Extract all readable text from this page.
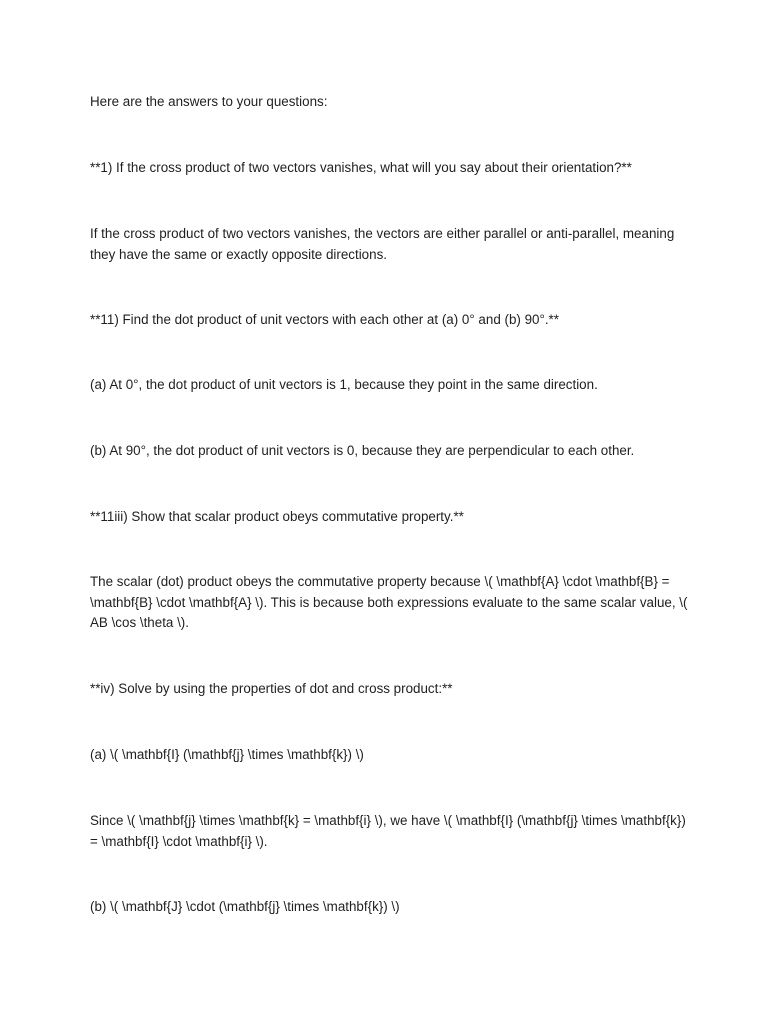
Here are the answers to your questions:

**1) If the cross product of two vectors vanishes, what will you say about their orientation?**

If the cross product of two vectors vanishes, the vectors are either parallel or anti-parallel, meaning they have the same or exactly opposite directions.

**11) Find the dot product of unit vectors with each other at (a) 0° and (b) 90°.**

(a) At 0°, the dot product of unit vectors is 1, because they point in the same direction.

(b) At 90°, the dot product of unit vectors is 0, because they are perpendicular to each other.

**11iii) Show that scalar product obeys commutative property.**

The scalar (dot) product obeys the commutative property because \( \mathbf{A} \cdot \mathbf{B} = \mathbf{B} \cdot \mathbf{A} \). This is because both expressions evaluate to the same scalar value, \( AB \cos \theta \).

**iv) Solve by using the properties of dot and cross product:**

(a) \( \mathbf{I} (\mathbf{j} \times \mathbf{k}) \)

Since \( \mathbf{j} \times \mathbf{k} = \mathbf{i} \), we have \( \mathbf{I} (\mathbf{j} \times \mathbf{k}) = \mathbf{I} \cdot \mathbf{i} \).

(b) \( \mathbf{J} \cdot (\mathbf{j} \times \mathbf{k}) \)
